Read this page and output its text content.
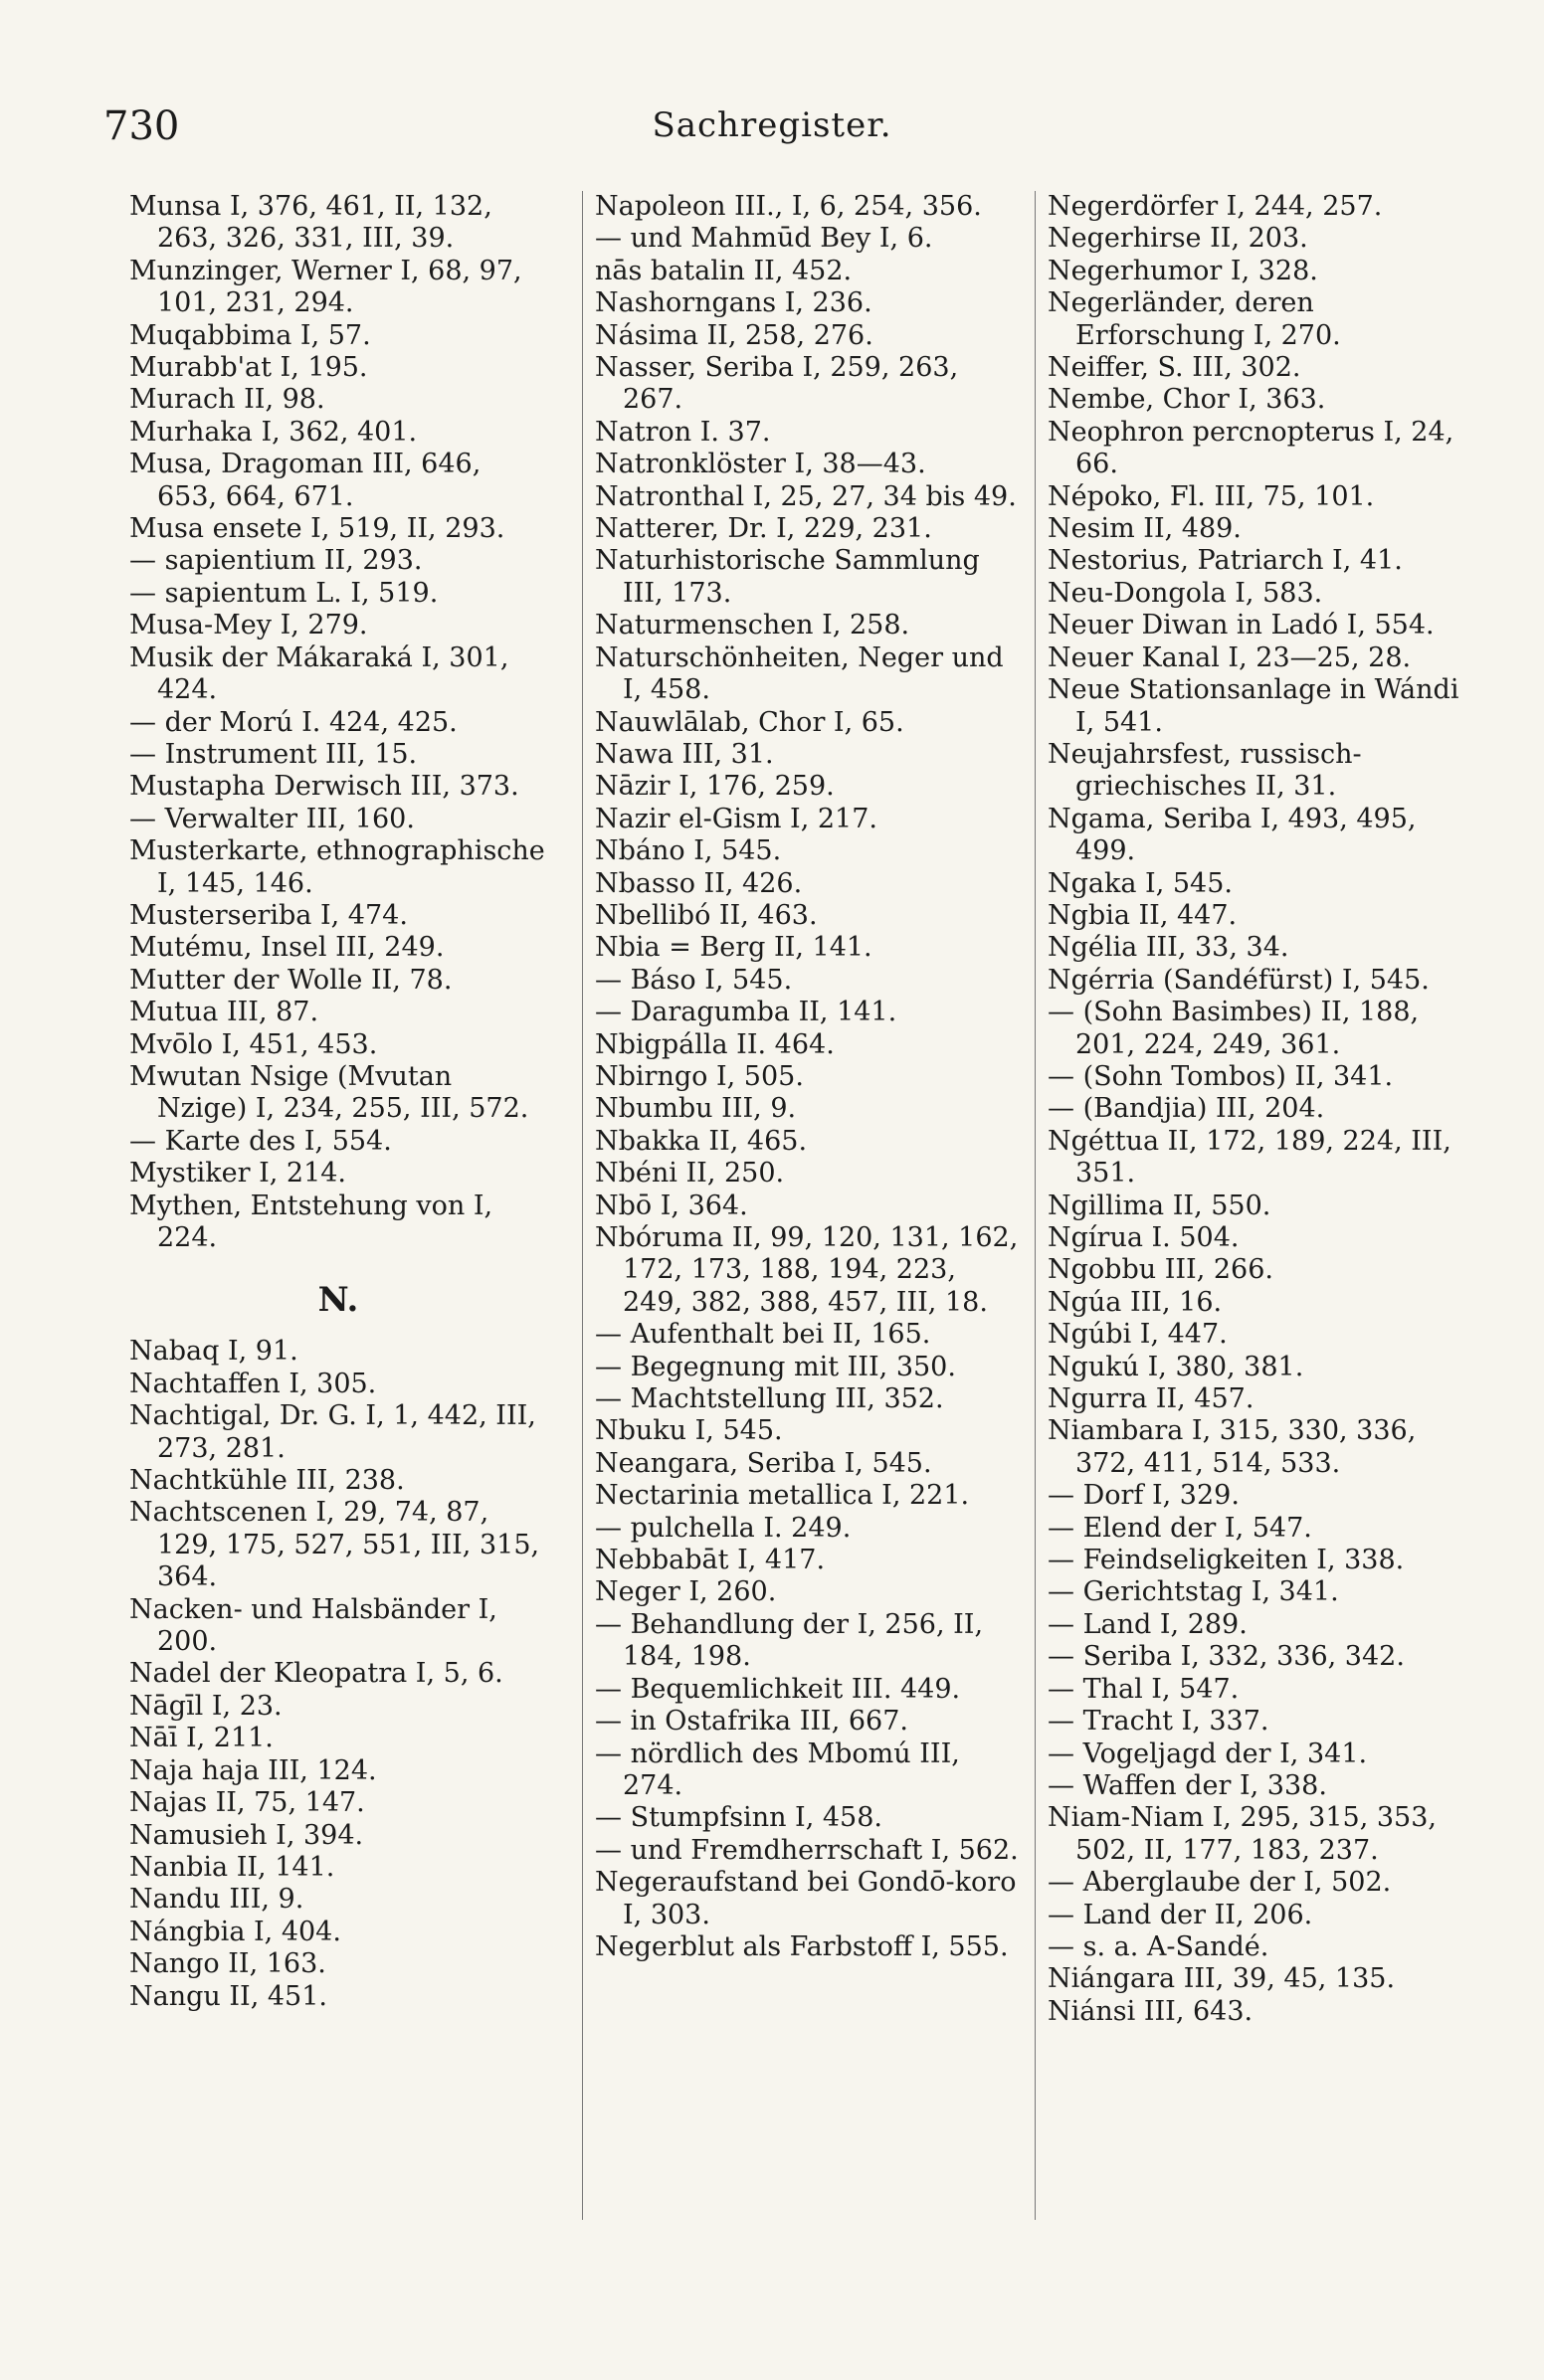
730	Sachregister.
Munsa I, 376, 461, II, 132, 263, 326, 331, III, 39.
Munzinger, Werner I, 68, 97, 101, 231, 294.
Muqabbima I, 57.
Murabb'at I, 195.
Murach II, 98.
Murhaka I, 362, 401.
Musa, Dragoman III, 646, 653, 664, 671.
Musa ensete I, 519, II, 293.
— sapientium II, 293.
— sapientum L. I, 519.
Musa-Mey I, 279.
Musik der Mákaraká I, 301, 424.
— der Morú I. 424, 425.
— Instrument III, 15.
Mustapha Derwisch III, 373.
— Verwalter III, 160.
Musterkarte, ethnographische I, 145, 146.
Musterseriba I, 474.
Mutému, Insel III, 249.
Mutter der Wolle II, 78.
Mutua III, 87.
Mvōlo I, 451, 453.
Mwutan Nsige (Mvutan Nzige) I, 234, 255, III, 572.
— Karte des I, 554.
Mystiker I, 214.
Mythen, Entstehung von I, 224.
N.
Nabaq I, 91.
Nachtaffen I, 305.
Nachtigal, Dr. G. I, 1, 442, III, 273, 281.
Nachtkühle III, 238.
Nachtscenen I, 29, 74, 87, 129, 175, 527, 551, III, 315, 364.
Nacken- und Halsbänder I, 200.
Nadel der Kleopatra I, 5, 6.
Nāgīl I, 23.
Nāī I, 211.
Naja haja III, 124.
Najas II, 75, 147.
Namusieh I, 394.
Nanbia II, 141.
Nandu III, 9.
Nángbia I, 404.
Nango II, 163.
Nangu II, 451.
Napoleon III., I, 6, 254, 356.
— und Mahmūd Bey I, 6.
nās batalin II, 452.
Nashorngans I, 236.
Násima II, 258, 276.
Nasser, Seriba I, 259, 263, 267.
Natron I. 37.
Natronklöster I, 38—43.
Natronthal I, 25, 27, 34 bis 49.
Natterer, Dr. I, 229, 231.
Naturhistorische Sammlung III, 173.
Naturmenschen I, 258.
Naturschönheiten, Neger und I, 458.
Nauwlālab, Chor I, 65.
Nawa III, 31.
Nāzir I, 176, 259.
Nazir el-Gism I, 217.
Nbáno I, 545.
Nbasso II, 426.
Nbellibó II, 463.
Nbia = Berg II, 141.
— Báso I, 545.
— Daragumba II, 141.
Nbigpálla II. 464.
Nbirngo I, 505.
Nbumbu III, 9.
Nbakka II, 465.
Nbéni II, 250.
Nbō I, 364.
Nbóruma II, 99, 120, 131, 162, 172, 173, 188, 194, 223, 249, 382, 388, 457, III, 18.
— Aufenthalt bei II, 165.
— Begegnung mit III, 350.
— Machtstellung III, 352.
Nbuku I, 545.
Neangara, Seriba I, 545.
Nectarinia metallica I, 221.
— pulchella I. 249.
Nebbabāt I, 417.
Neger I, 260.
— Behandlung der I, 256, II, 184, 198.
— Bequemlichkeit III. 449.
— in Ostafrika III, 667.
— nördlich des Mbomú III, 274.
— Stumpfsinn I, 458.
— und Fremdherrschaft I, 562.
Negeraufstand bei Gondō-koro I, 303.
Negerblut als Farbstoff I, 555.
Negerdörfer I, 244, 257.
Negerhirse II, 203.
Negerhumor I, 328.
Negerländer, deren Erforschung I, 270.
Neiffer, S. III, 302.
Nembe, Chor I, 363.
Neophron percnopterus I, 24, 66.
Népoko, Fl. III, 75, 101.
Nesim II, 489.
Nestorius, Patriarch I, 41.
Neu-Dongola I, 583.
Neuer Diwan in Ladó I, 554.
Neuer Kanal I, 23—25, 28.
Neue Stationsanlage in Wándi I, 541.
Neujahrsfest, russisch-griechisches II, 31.
Ngama, Seriba I, 493, 495, 499.
Ngaka I, 545.
Ngbia II, 447.
Ngélia III, 33, 34.
Ngérria (Sandéfürst) I, 545.
— (Sohn Basimbes) II, 188, 201, 224, 249, 361.
— (Sohn Tombos) II, 341.
— (Bandjia) III, 204.
Ngéttua II, 172, 189, 224, III, 351.
Ngillima II, 550.
Ngírua I. 504.
Ngobbu III, 266.
Ngúa III, 16.
Ngúbi I, 447.
Ngukú I, 380, 381.
Ngurra II, 457.
Niambara I, 315, 330, 336, 372, 411, 514, 533.
— Dorf I, 329.
— Elend der I, 547.
— Feindseligkeiten I, 338.
— Gerichtstag I, 341.
— Land I, 289.
— Seriba I, 332, 336, 342.
— Thal I, 547.
— Tracht I, 337.
— Vogeljagd der I, 341.
— Waffen der I, 338.
Niam-Niam I, 295, 315, 353, 502, II, 177, 183, 237.
— Aberglaube der I, 502.
— Land der II, 206.
— s. a. A-Sandé.
Niángara III, 39, 45, 135.
Niánsi III, 643.
